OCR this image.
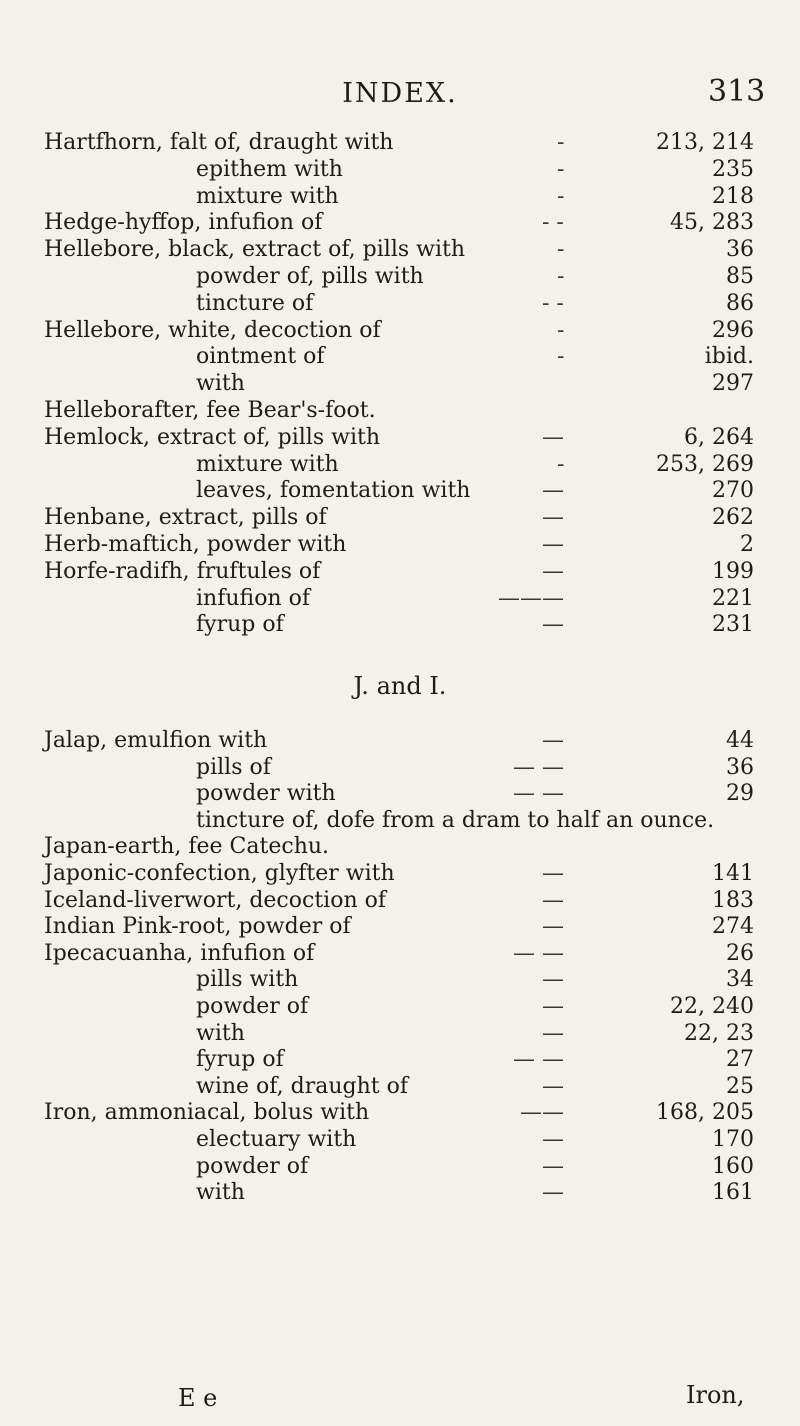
INDEX.	313
Hartfhorn, falt of, draught with	-	213, 214
epithem with	-	235
mixture with	-	218
Hedge-hyffop, infufion of	- -	45, 283
Hellebore, black, extract of, pills with	-	36
powder of, pills with	-	85
tincture of	- -	86
Hellebore, white, decoction of	-	296
ointment of	-	ibid.
with	297
Helleborafter, fee Bear's-foot.
Hemlock, extract of, pills with	—	6, 264
mixture with	-	253, 269
leaves, fomentation with	—	270
Henbane, extract, pills of	—	262
Herb-maftich, powder with	—	2
Horfe-radifh, fruftules of	—	199
infufion of	———	221
fyrup of	—	231
J. and I.
Jalap, emulfion with	—	44
pills of	— —	36
powder with	— —	29
tincture of, dofe from a dram to half an ounce.
Japan-earth, fee Catechu.
Japonic-confection, glyfter with	—	141
Iceland-liverwort, decoction of	—	183
Indian Pink-root, powder of	—	274
Ipecacuanha, infufion of	— —	26
pills with	—	34
powder of	—	22, 240
with	—	22, 23
fyrup of	— —	27
wine of, draught of	—	25
Iron, ammoniacal, bolus with	——	168, 205
electuary with	—	170
powder of	—	160
with	—	161
E e	Iron,
